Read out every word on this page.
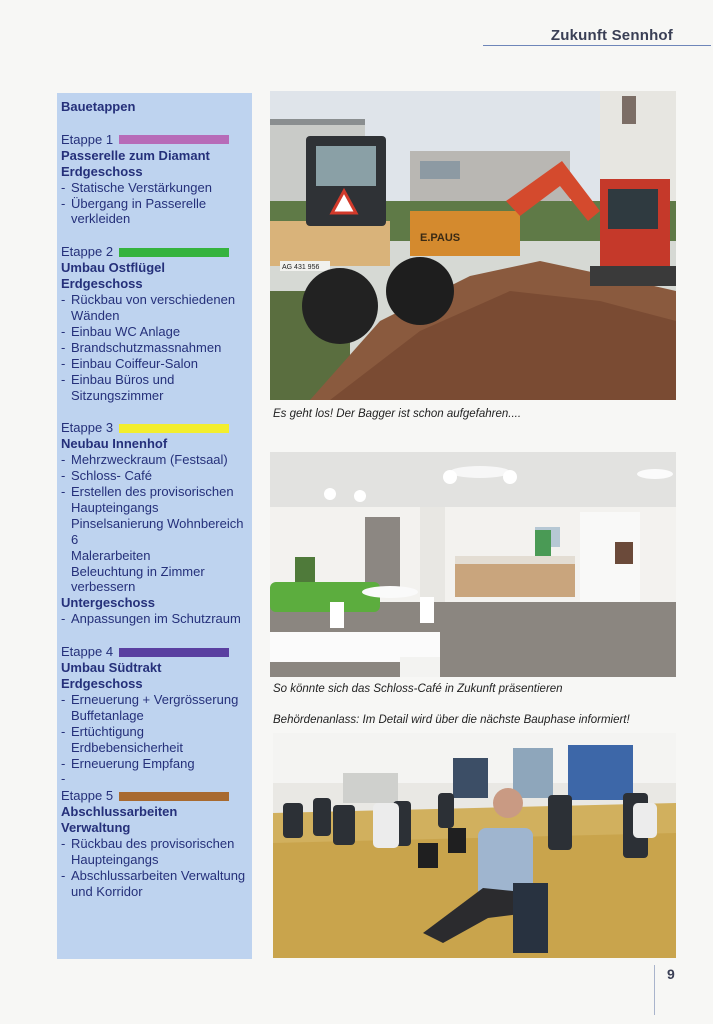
Zukunft Sennhof
Bauetappen
Etappe 1
Passerelle zum Diamant
Erdgeschoss
- Statische Verstärkungen
- Übergang in Passerelle verkleiden
Etappe 2
Umbau Ostflügel
Erdgeschoss
- Rückbau von verschiedenen Wänden
- Einbau WC Anlage
- Brandschutzmassnahmen
- Einbau Coiffeur-Salon
- Einbau Büros und Sitzungszimmer
Etappe 3
Neubau Innenhof
- Mehrzweckraum (Festsaal)
- Schloss- Café
- Erstellen des provisorischen Haupteingangs
Pinselsanierung Wohnbereich 6
Malerarbeiten
Beleuchtung in Zimmer verbessern
Untergeschoss
- Anpassungen im Schutzraum
Etappe 4
Umbau Südtrakt
Erdgeschoss
- Erneuerung + Vergrösserung Buffetanlage
- Ertüchtigung Erdbebensicherheit
- Erneuerung Empfang
-
Etappe 5
Abschlussarbeiten
Verwaltung
- Rückbau des provisorischen Haupteingangs
- Abschlussarbeiten Verwaltung und Korridor
E.PAUS
AG 431 956
Es geht los! Der Bagger ist schon aufgefahren....
So könnte sich das Schloss-Café in Zukunft präsentieren
Behördenanlass: Im Detail wird über die nächste Bauphase informiert!
9
